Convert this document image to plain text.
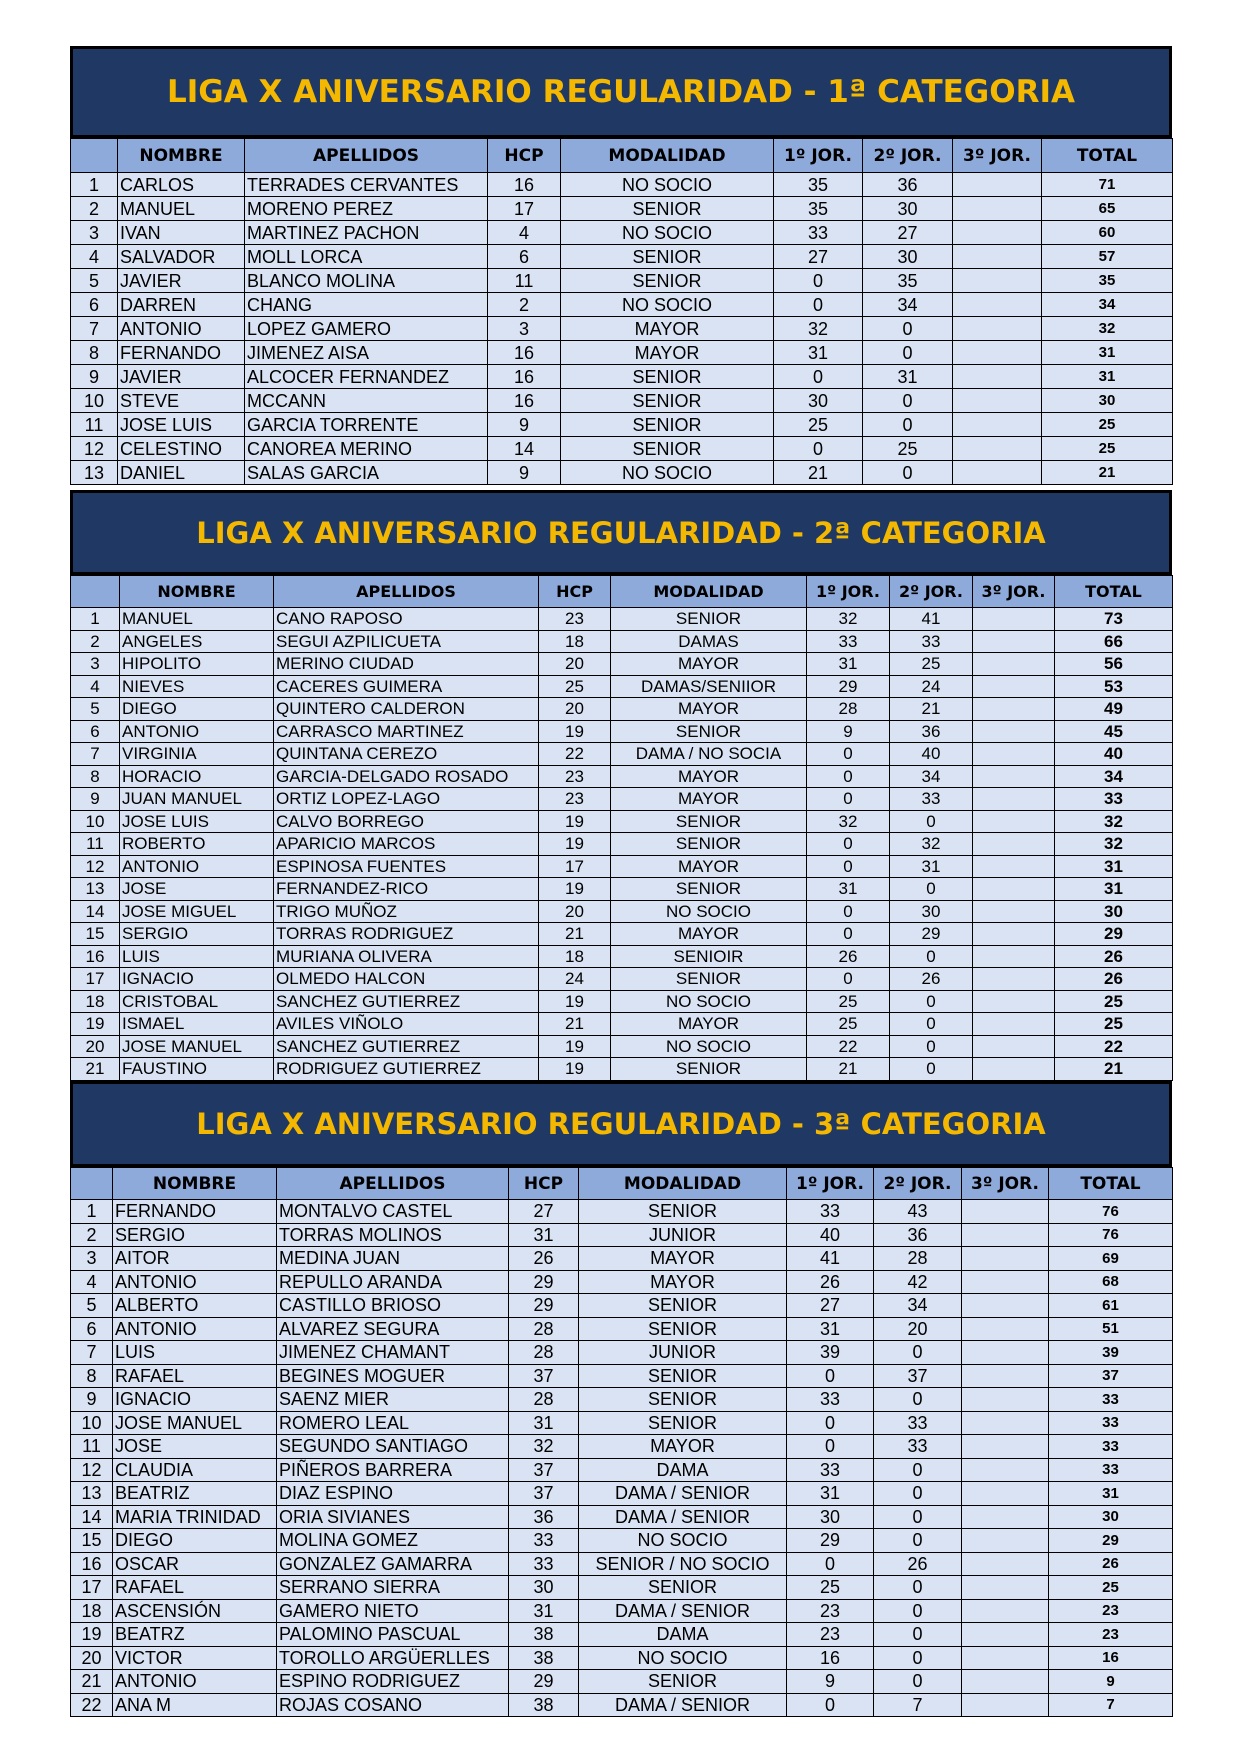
LIGA X ANIVERSARIO REGULARIDAD - 1ª CATEGORIA
	NOMBRE	APELLIDOS	HCP	MODALIDAD	1º JOR.	2º JOR.	3º JOR.	TOTAL
1	CARLOS	TERRADES CERVANTES	16	NO SOCIO	35	36		71
2	MANUEL	MORENO PEREZ	17	SENIOR	35	30		65
3	IVAN	MARTINEZ PACHON	4	NO SOCIO	33	27		60
4	SALVADOR	MOLL LORCA	6	SENIOR	27	30		57
5	JAVIER	BLANCO MOLINA	11	SENIOR	0	35		35
6	DARREN	CHANG	2	NO SOCIO	0	34		34
7	ANTONIO	LOPEZ GAMERO	3	MAYOR	32	0		32
8	FERNANDO	JIMENEZ AISA	16	MAYOR	31	0		31
9	JAVIER	ALCOCER FERNANDEZ	16	SENIOR	0	31		31
10	STEVE	MCCANN	16	SENIOR	30	0		30
11	JOSE LUIS	GARCIA TORRENTE	9	SENIOR	25	0		25
12	CELESTINO	CANOREA MERINO	14	SENIOR	0	25		25
13	DANIEL	SALAS GARCIA	9	NO SOCIO	21	0		21
LIGA X ANIVERSARIO REGULARIDAD - 2ª CATEGORIA
	NOMBRE	APELLIDOS	HCP	MODALIDAD	1º JOR.	2º JOR.	3º JOR.	TOTAL
1	MANUEL	CANO RAPOSO	23	SENIOR	32	41		73
2	ANGELES	SEGUI AZPILICUETA	18	DAMAS	33	33		66
3	HIPOLITO	MERINO CIUDAD	20	MAYOR	31	25		56
4	NIEVES	CACERES GUIMERA	25	DAMAS/SENIIOR	29	24		53
5	DIEGO	QUINTERO CALDERON	20	MAYOR	28	21		49
6	ANTONIO	CARRASCO MARTINEZ	19	SENIOR	9	36		45
7	VIRGINIA	QUINTANA CEREZO	22	DAMA / NO SOCIA	0	40		40
8	HORACIO	GARCIA-DELGADO ROSADO	23	MAYOR	0	34		34
9	JUAN MANUEL	ORTIZ LOPEZ-LAGO	23	MAYOR	0	33		33
10	JOSE LUIS	CALVO BORREGO	19	SENIOR	32	0		32
11	ROBERTO	APARICIO MARCOS	19	SENIOR	0	32		32
12	ANTONIO	ESPINOSA FUENTES	17	MAYOR	0	31		31
13	JOSE	FERNANDEZ-RICO	19	SENIOR	31	0		31
14	JOSE MIGUEL	TRIGO MUÑOZ	20	NO SOCIO	0	30		30
15	SERGIO	TORRAS RODRIGUEZ	21	MAYOR	0	29		29
16	LUIS	MURIANA OLIVERA	18	SENIOIR	26	0		26
17	IGNACIO	OLMEDO HALCON	24	SENIOR	0	26		26
18	CRISTOBAL	SANCHEZ GUTIERREZ	19	NO SOCIO	25	0		25
19	ISMAEL	AVILES VIÑOLO	21	MAYOR	25	0		25
20	JOSE MANUEL	SANCHEZ GUTIERREZ	19	NO SOCIO	22	0		22
21	FAUSTINO	RODRIGUEZ GUTIERREZ	19	SENIOR	21	0		21
LIGA X ANIVERSARIO REGULARIDAD - 3ª CATEGORIA
	NOMBRE	APELLIDOS	HCP	MODALIDAD	1º JOR.	2º JOR.	3º JOR.	TOTAL
1	FERNANDO	MONTALVO CASTEL	27	SENIOR	33	43		76
2	SERGIO	TORRAS MOLINOS	31	JUNIOR	40	36		76
3	AITOR	MEDINA JUAN	26	MAYOR	41	28		69
4	ANTONIO	REPULLO ARANDA	29	MAYOR	26	42		68
5	ALBERTO	CASTILLO BRIOSO	29	SENIOR	27	34		61
6	ANTONIO	ALVAREZ SEGURA	28	SENIOR	31	20		51
7	LUIS	JIMENEZ CHAMANT	28	JUNIOR	39	0		39
8	RAFAEL	BEGINES MOGUER	37	SENIOR	0	37		37
9	IGNACIO	SAENZ MIER	28	SENIOR	33	0		33
10	JOSE MANUEL	ROMERO LEAL	31	SENIOR	0	33		33
11	JOSE	SEGUNDO SANTIAGO	32	MAYOR	0	33		33
12	CLAUDIA	PIÑEROS BARRERA	37	DAMA	33	0		33
13	BEATRIZ	DIAZ ESPINO	37	DAMA / SENIOR	31	0		31
14	MARIA TRINIDAD	ORIA SIVIANES	36	DAMA / SENIOR	30	0		30
15	DIEGO	MOLINA GOMEZ	33	NO SOCIO	29	0		29
16	OSCAR	GONZALEZ GAMARRA	33	SENIOR / NO SOCIO	0	26		26
17	RAFAEL	SERRANO SIERRA	30	SENIOR	25	0		25
18	ASCENSIÓN	GAMERO NIETO	31	DAMA / SENIOR	23	0		23
19	BEATRZ	PALOMINO PASCUAL	38	DAMA	23	0		23
20	VICTOR	TOROLLO ARGÜERLLES	38	NO SOCIO	16	0		16
21	ANTONIO	ESPINO RODRIGUEZ	29	SENIOR	9	0		9
22	ANA M	ROJAS COSANO	38	DAMA / SENIOR	0	7		7
